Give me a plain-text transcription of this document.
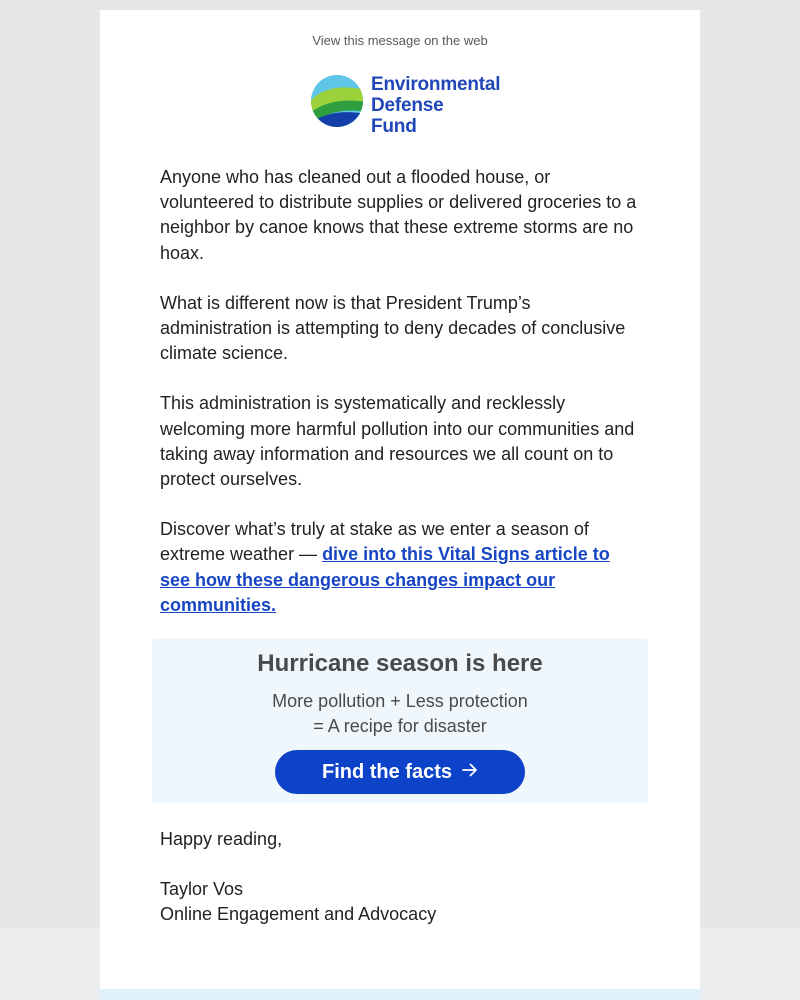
View this message on the web
Environmental
Defense
Fund

Anyone who has cleaned out a flooded house, or volunteered to distribute supplies or delivered groceries to a neighbor by canoe knows that these extreme storms are no hoax.

What is different now is that President Trump’s administration is attempting to deny decades of conclusive climate science.

This administration is systematically and recklessly welcoming more harmful pollution into our communities and taking away information and resources we all count on to protect ourselves.

Discover what’s truly at stake as we enter a season of extreme weather — dive into this Vital Signs article to see how these dangerous changes impact our communities.

Hurricane season is here
More pollution + Less protection
= A recipe for disaster
Find the facts

Happy reading,

Taylor Vos
Online Engagement and Advocacy
